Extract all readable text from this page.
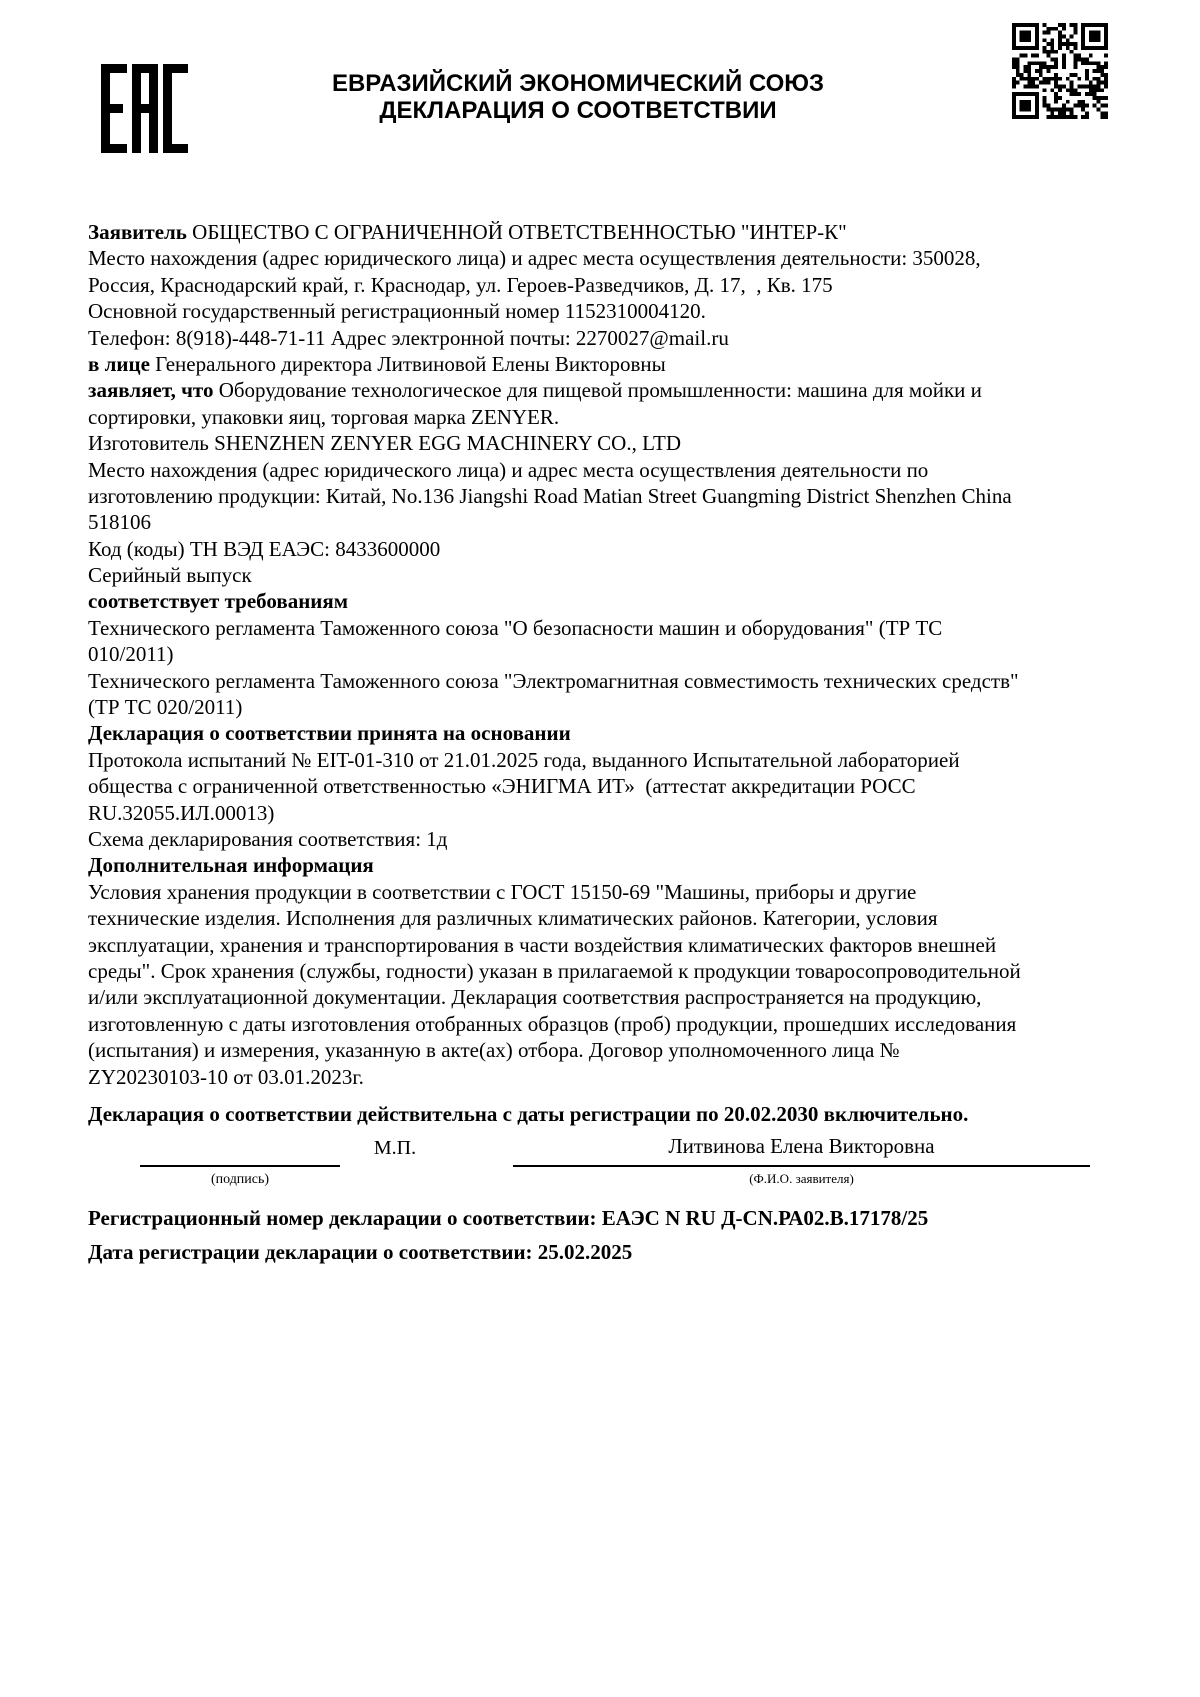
ЕВРАЗИЙСКИЙ ЭКОНОМИЧЕСКИЙ СОЮЗ
ДЕКЛАРАЦИЯ О СООТВЕТСТВИИ
Заявитель ОБЩЕСТВО С ОГРАНИЧЕННОЙ ОТВЕТСТВЕННОСТЬЮ "ИНТЕР-К"
Место нахождения (адрес юридического лица) и адрес места осуществления деятельности: 350028,
Россия, Краснодарский край, г. Краснодар, ул. Героев-Разведчиков, Д. 17,  , Кв. 175
Основной государственный регистрационный номер 1152310004120.
Телефон: 8(918)-448-71-11 Адрес электронной почты: 2270027@mail.ru
в лице Генерального директора Литвиновой Елены Викторовны
заявляет, что Оборудование технологическое для пищевой промышленности: машина для мойки и
сортировки, упаковки яиц, торговая марка ZENYER.
Изготовитель SHENZHEN ZENYER EGG MACHINERY CO., LTD
Место нахождения (адрес юридического лица) и адрес места осуществления деятельности по
изготовлению продукции: Китай, No.136 Jiangshi Road Matian Street Guangming District Shenzhen China
518106
Код (коды) ТН ВЭД ЕАЭС: 8433600000
Серийный выпуск
соответствует требованиям
Технического регламента Таможенного союза "О безопасности машин и оборудования" (ТР ТС
010/2011)
Технического регламента Таможенного союза "Электромагнитная совместимость технических средств"
(ТР ТС 020/2011)
Декларация о соответствии принята на основании
Протокола испытаний № EIT-01-310 от 21.01.2025 года, выданного Испытательной лабораторией
общества с ограниченной ответственностью «ЭНИГМА ИТ»  (аттестат аккредитации РОСС
RU.32055.ИЛ.00013)
Схема декларирования соответствия: 1д
Дополнительная информация
Условия хранения продукции в соответствии с ГОСТ 15150-69 "Машины, приборы и другие
технические изделия. Исполнения для различных климатических районов. Категории, условия
эксплуатации, хранения и транспортирования в части воздействия климатических факторов внешней
среды". Срок хранения (службы, годности) указан в прилагаемой к продукции товаросопроводительной
и/или эксплуатационной документации. Декларация соответствия распространяется на продукцию,
изготовленную с даты изготовления отобранных образцов (проб) продукции, прошедших исследования
(испытания) и измерения, указанную в акте(ах) отбора. Договор уполномоченного лица №
ZY20230103-10 от 03.01.2023г.
Декларация о соответствии действительна с даты регистрации по 20.02.2030 включительно.
М.П.	Литвинова Елена Викторовна
(подпись)	(Ф.И.О. заявителя)
Регистрационный номер декларации о соответствии: ЕАЭС N RU Д-CN.РА02.В.17178/25
Дата регистрации декларации о соответствии: 25.02.2025
